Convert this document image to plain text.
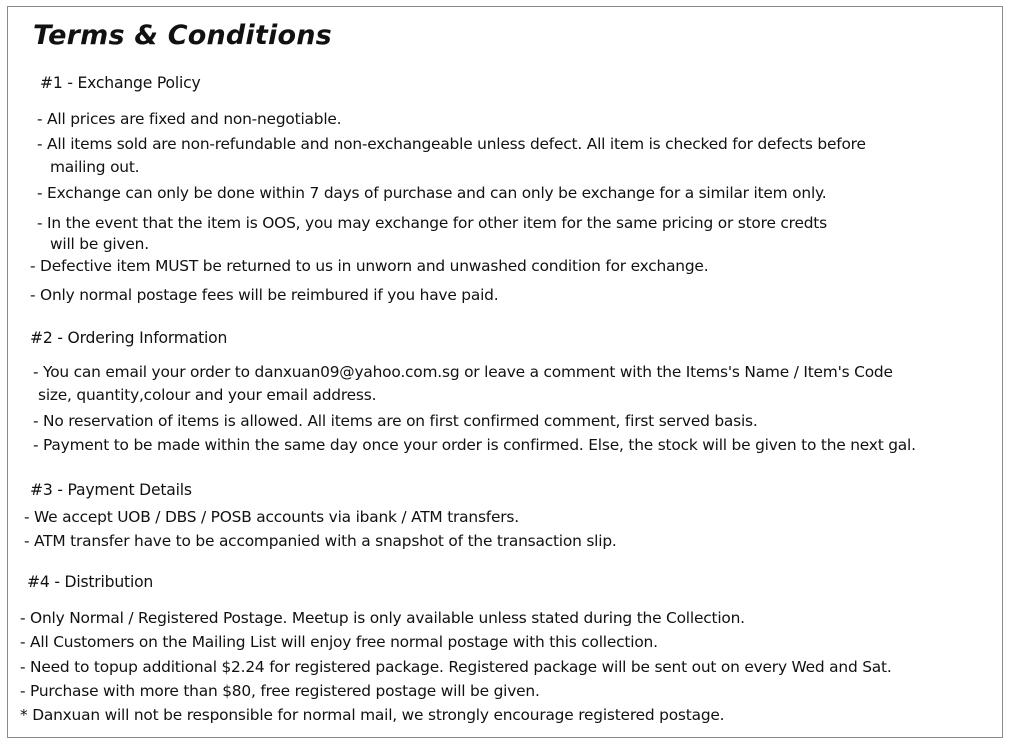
Terms & Conditions
#1 - Exchange Policy
- All prices are fixed and non-negotiable.
- All items sold are non-refundable and non-exchangeable unless defect. All item is checked for defects before
mailing out.
- Exchange can only be done within 7 days of purchase and can only be exchange for a similar item only.
- In the event that the item is OOS, you may exchange for other item for the same pricing or store credts
will be given.
- Defective item MUST be returned to us in unworn and unwashed condition for exchange.
- Only normal postage fees will be reimbured if you have paid.
#2 - Ordering Information
- You can email your order to danxuan09@yahoo.com.sg or leave a comment with the Items's Name / Item's Code
size, quantity,colour and your email address.
- No reservation of items is allowed. All items are on first confirmed comment, first served basis.
- Payment to be made within the same day once your order is confirmed. Else, the stock will be given to the next gal.
#3 - Payment Details
- We accept UOB / DBS / POSB accounts via ibank / ATM transfers.
- ATM transfer have to be accompanied with a snapshot of the transaction slip.
#4 - Distribution
- Only Normal / Registered Postage. Meetup is only available unless stated during the Collection.
- All Customers on the Mailing List will enjoy free normal postage with this collection.
- Need to topup additional $2.24 for registered package. Registered package will be sent out on every Wed and Sat.
- Purchase with more than $80, free registered postage will be given.
* Danxuan will not be responsible for normal mail, we strongly encourage registered postage.
